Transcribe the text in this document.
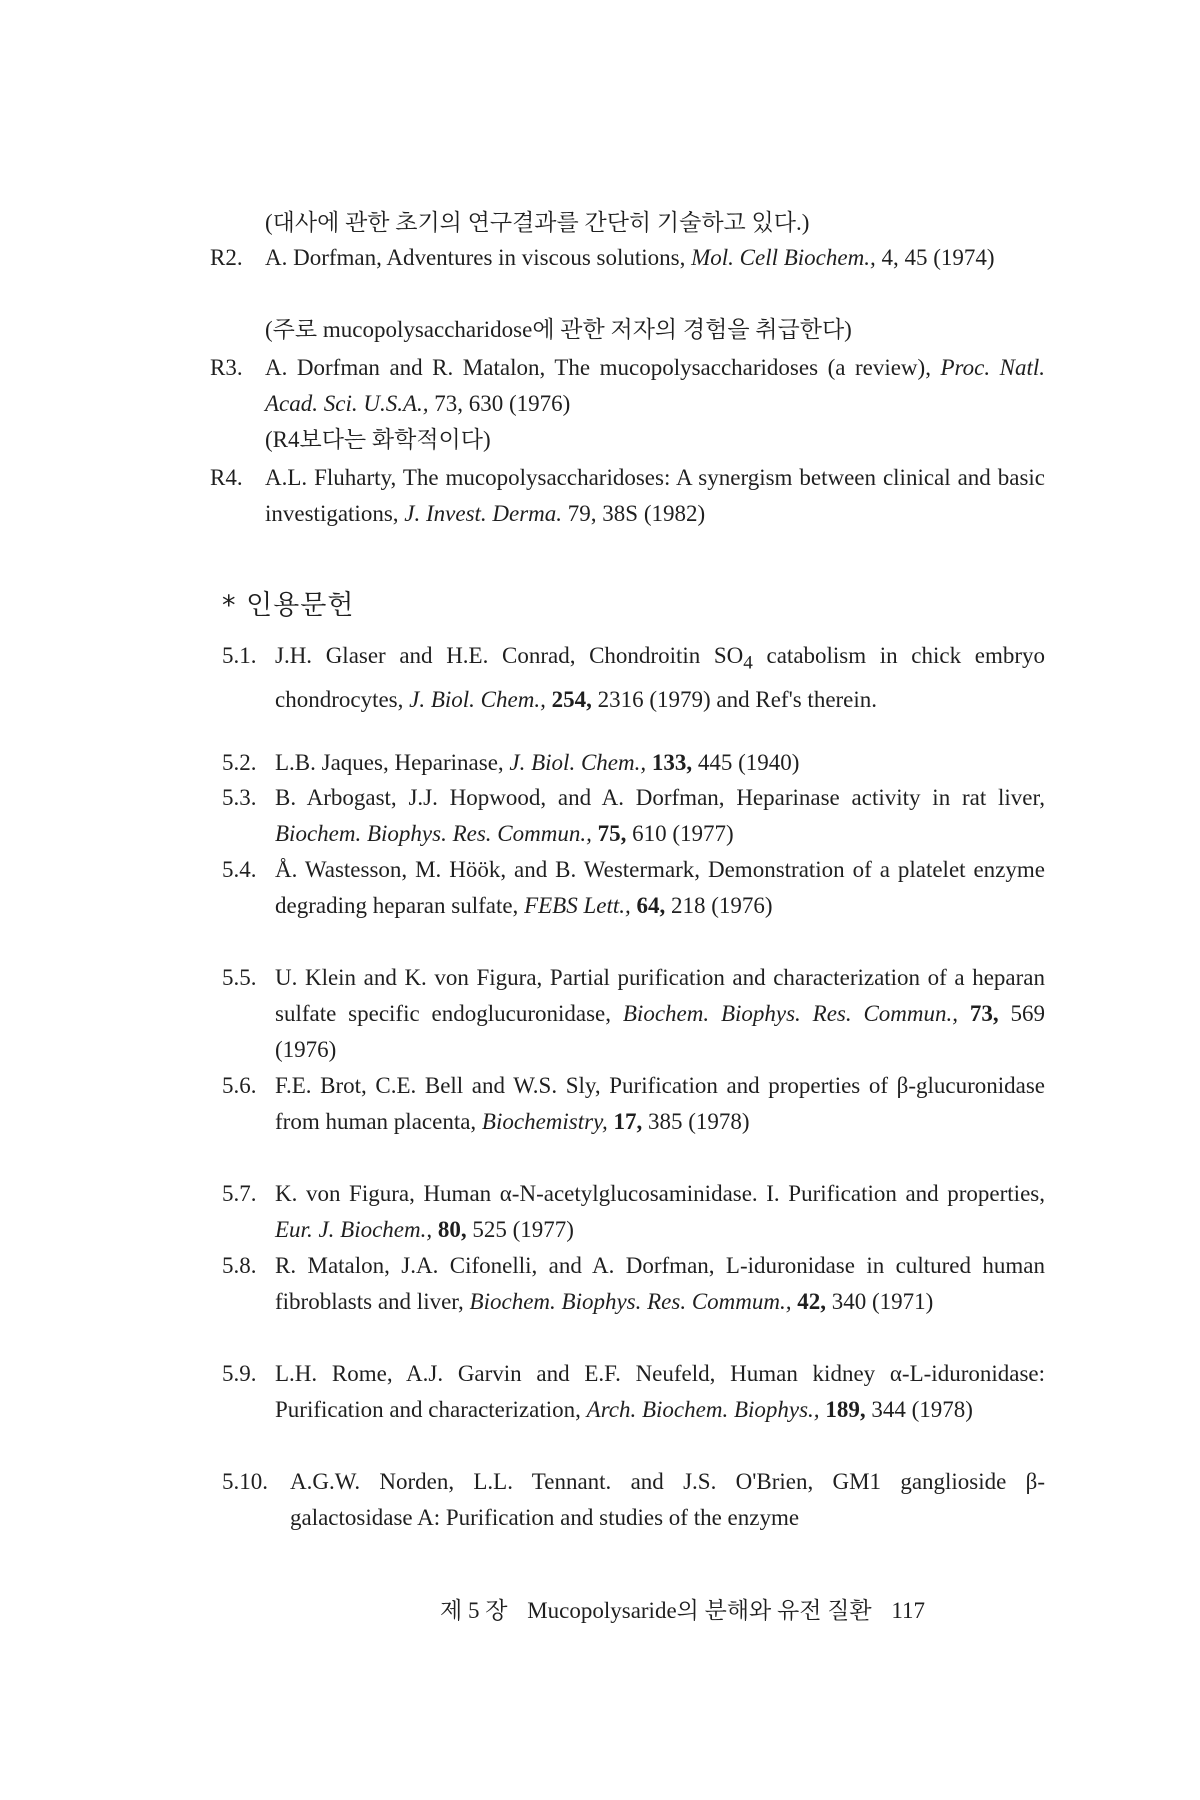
(대사에 관한 초기의 연구결과를 간단히 기술하고 있다.)
R2. A. Dorfman, Adventures in viscous solutions, Mol. Cell Biochem., 4, 45 (1974)
(주로 mucopolysaccharidose에 관한 저자의 경험을 취급한다)
R3. A. Dorfman and R. Matalon, The mucopolysaccharidoses (a review), Proc. Natl. Acad. Sci. U.S.A., 73, 630 (1976)
(R4보다는 화학적이다)
R4. A.L. Fluharty, The mucopolysaccharidoses: A synergism between clinical and basic investigations, J. Invest. Derma. 79, 38S (1982)
* 인용문헌
5.1. J.H. Glaser and H.E. Conrad, Chondroitin $SO_4$ catabolism in chick embryo chondrocytes, J. Biol. Chem., 254, 2316 (1979) and Ref's therein.
5.2. L.B. Jaques, Heparinase, J. Biol. Chem., 133, 445 (1940)
5.3. B. Arbogast, J.J. Hopwood, and A. Dorfman, Heparinase activity in rat liver, Biochem. Biophys. Res. Commun., 75, 610 (1977)
5.4. Å. Wastesson, M. Höök, and B. Westermark, Demonstration of a platelet enzyme degrading heparan sulfate, FEBS Lett., 64, 218 (1976)
5.5. U. Klein and K. von Figura, Partial purification and characterization of a heparan sulfate specific endoglucuronidase, Biochem. Biophys. Res. Commun., 73, 569 (1976)
5.6. F.E. Brot, C.E. Bell and W.S. Sly, Purification and properties of β-glucuronidase from human placenta, Biochemistry, 17, 385 (1978)
5.7. K. von Figura, Human α-N-acetylglucosaminidase. I. Purification and properties, Eur. J. Biochem., 80, 525 (1977)
5.8. R. Matalon, J.A. Cifonelli, and A. Dorfman, L-iduronidase in cultured human fibroblasts and liver, Biochem. Biophys. Res. Commum., 42, 340 (1971)
5.9. L.H. Rome, A.J. Garvin and E.F. Neufeld, Human kidney α-L-iduronidase: Purification and characterization, Arch. Biochem. Biophys., 189, 344 (1978)
5.10. A.G.W. Norden, L.L. Tennant. and J.S. O'Brien, GM1 ganglioside β-galactosidase A: Purification and studies of the enzyme
제 5 장 Mucopolysaride의 분해와 유전 질환 117
